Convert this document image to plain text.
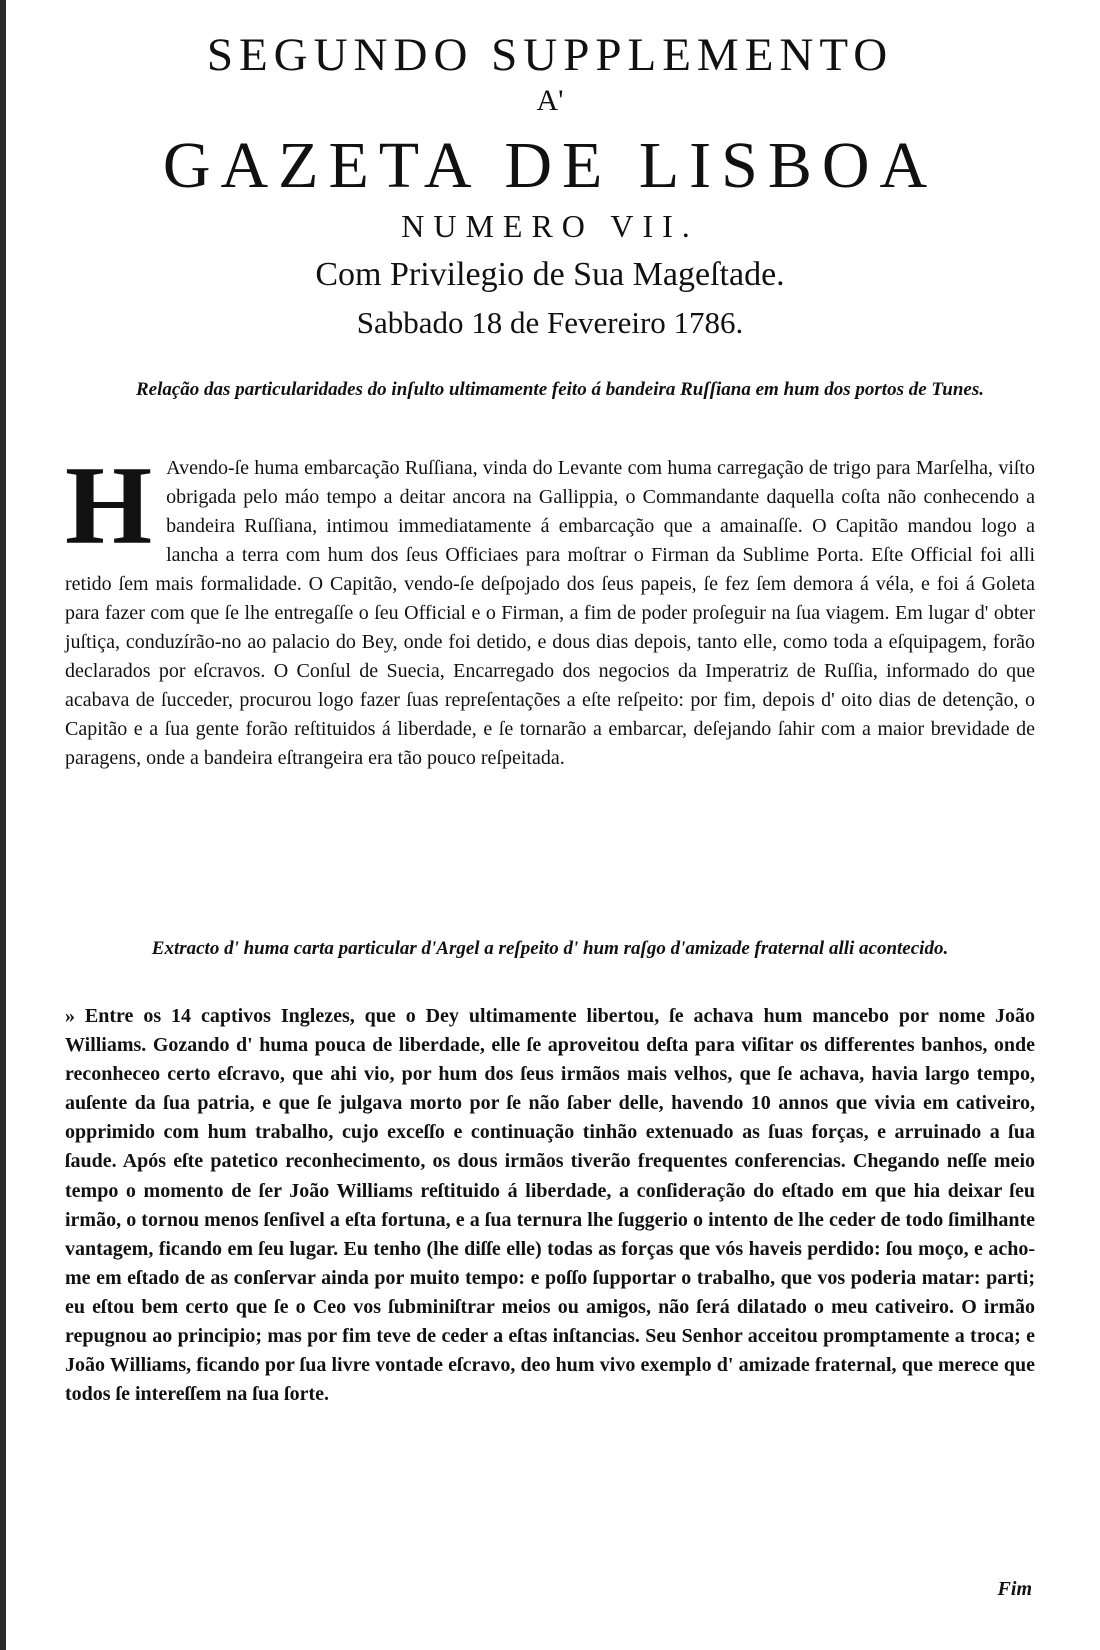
SEGUNDO SUPPLEMENTO
A'
GAZETA DE LISBOA
NUMERO VII.
Com Privilegio de Sua Mageſtade.
Sabbado 18 de Fevereiro 1786.
Relação das particularidades do inſulto ultimamente feito á bandeira Ruſſiana em hum dos portos de Tunes.
H Avendo-ſe huma embarcação Ruſſiana, vinda do Levante com huma carregação de trigo para Marſelha, viſto obrigada pelo máo tempo a deitar ancora na Gallippia, o Commandante daquella coſta não conhecendo a bandeira Ruſſiana, intimou immediatamente á embarcação que a amainaſſe. O Capitão mandou logo a lancha a terra com hum dos ſeus Officiaes para moſtrar o Firman da Sublime Porta. Eſte Official foi alli retido ſem mais formalidade. O Capitão, vendo-ſe deſpojado dos ſeus papeis, ſe fez ſem demora á véla, e foi á Goleta para fazer com que ſe lhe entregaſſe o ſeu Official e o Firman, a fim de poder proſeguir na ſua viagem. Em lugar d' obter juſtiça, conduzírão-no ao palacio do Bey, onde foi detido, e dous dias depois, tanto elle, como toda a eſquipagem, forão declarados por eſcravos. O Conſul de Suecia, Encarregado dos negocios da Imperatriz de Ruſſia, informado do que acabava de ſucceder, procurou logo fazer ſuas repreſentações a eſte reſpeito: por fim, depois d' oito dias de detenção, o Capitão e a ſua gente forão reſtituidos á liberdade, e ſe tornarão a embarcar, deſejando ſahir com a maior brevidade de paragens, onde a bandeira eſtrangeira era tão pouco reſpeitada.
Extracto d' huma carta particular d'Argel a reſpeito d' hum raſgo d'amizade fraternal alli acontecido.
» Entre os 14 captivos Inglezes, que o Dey ultimamente libertou, ſe achava hum mancebo por nome João Williams. Gozando d' huma pouca de liberdade, elle ſe aproveitou deſta para viſitar os differentes banhos, onde reconheceo certo eſcravo, que ahi vio, por hum dos ſeus irmãos mais velhos, que ſe achava, havia largo tempo, auſente da ſua patria, e que ſe julgava morto por ſe não ſaber delle, havendo 10 annos que vivia em cativeiro, opprimido com hum trabalho, cujo exceſſo e continuação tinhão extenuado as ſuas forças, e arruinado a ſua ſaude. Após eſte patetico reconhecimento, os dous irmãos tiverão frequentes conferencias. Chegando neſſe meio tempo o momento de ſer João Williams reſtituido á liberdade, a conſideração do eſtado em que hia deixar ſeu irmão, o tornou menos ſenſivel a eſta fortuna, e a ſua ternura lhe ſuggerio o intento de lhe ceder de todo ſimilhante vantagem, ficando em ſeu lugar. Eu tenho (lhe diſſe elle) todas as forças que vós haveis perdido: ſou moço, e acho-me em eſtado de as conſervar ainda por muito tempo: e poſſo ſupportar o trabalho, que vos poderia matar: parti; eu eſtou bem certo que ſe o Ceo vos ſubminiſtrar meios ou amigos, não ſerá dilatado o meu cativeiro. O irmão repugnou ao principio; mas por fim teve de ceder a eſtas inſtancias. Seu Senhor acceitou promptamente a troca; e João Williams, ficando por ſua livre vontade eſcravo, deo hum vivo exemplo d' amizade fraternal, que merece que todos ſe intereſſem na ſua ſorte.
Fim
